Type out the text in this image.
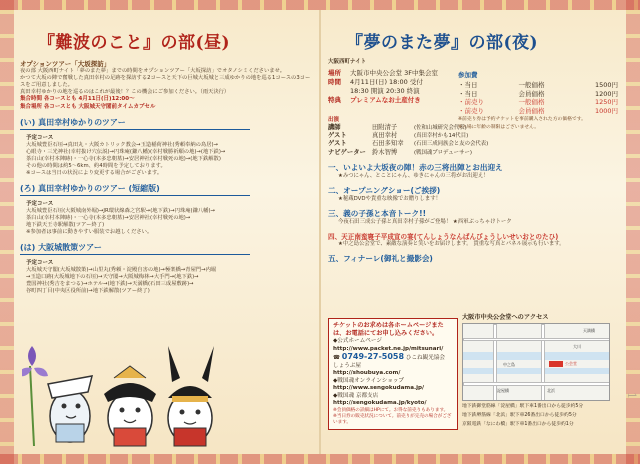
『難波のこと』の部(昼)
オプションツアー「大坂探訪」
夜の部 大阪西町ナイト「夢のまた夢」までの時間をオプションツアー「大坂探訪」でオタノシミくださいませ。
かつて大坂の陣で奮戦した真田幸村の足跡を探訪する2コースと天下の巨城大坂城と三成ゆかりの地を巡る1コースの3コースをご用意しました。
真田幸村ゆかりの地を巡るのはこれが最後！？この機会にご参加ください。（雨天決行）
集合時間 各コースとも 4月11日(日)12:00〜
集合場所 各コースとも 大阪城天守閣前タイムカプセル
(い) 真田幸村ゆかりのツアー
予定コース
大坂城豊臣石垣→真田丸・大阪カトリック教会→玉造稲荷神社(秀頼奉納の鳥居)→
心眼寺・三光神社(幸村抜け穴伝説)→円珠庵(鎌八幡)(幸村戦勝祈願の地)→(地下鉄)→
茶臼山(幸村本陣跡)・一心寺(本多忠朝墓)→安居神社(幸村戦死の地)→(地下鉄解散)
その他の時間は約5〜6km、約4時間を予定しております。
※コースは当日の状況により変更する場合がございます。
(ろ) 真田幸村ゆかりのツアー (短縮版)
予定コース
大坂城豊臣石垣(大阪城南外堀)→JR環状線森之宮駅→(地下鉄)→円珠庵(鎌八幡)→
茶臼山(幸村本陣跡)・一心寺(本多忠朝墓)→安居神社(幸村戦死の地)→
地下鉄天王寺駅解散(ツアー終了)
※参加者は事前に動きやすい服装でお越しください。
(は) 大阪城散策ツアー
予定コース
大坂城天守閣(大坂城散策)→山里丸(秀頼・淀殿自害の地)→極楽橋→青屋門→内堀
→玉造口跡(大坂城地下の石垣)→天守閣→大阪城梅林→大手門→(地下鉄)→
豊国神社(秀吉をまつる)→ホテル→(地下鉄)→天満橋(石田三成屋敷跡)→
谷町四丁目(中央区役所前)→地下鉄解散(ツアー終了)
『夢のまた夢』の部(夜)
大阪西町ナイト
場所	大阪市中央公会堂 3F中集会室
時間	4月11日(日) 18:00 受付
18:30 開演 20:30 終演
特典	プレミアムなお土産付き
参加費
・当日	一般価格	1500円
・当日	会員価格	1200円
・前売り	一般価格	1250円
・前売り	会員価格	1000円
※前売り券は予約チケットを事前購入された方の価格です。
※入場に年齢の制限はございません。
出演
講師	田附清子	(佐和山城研究会代表)
ゲスト	真田幸村	(真田幸村かも14代目)
ゲスト	石田多知幸	(石田三成同族会と友の会代表)
ナビゲーター 鈴木智博	(戦国魂プロデューサー)
一、いよいよ大坂夜の陣！赤の三将出陣とお出迎え
★みつにゃん、とことにゃん、ゆきにゃんの三将がお出迎え！
二、オープニングショー(ご挨拶)
★秘蔵DVDや貴重な映像でお贈りします！
三、義の子孫と本音トーク!!
今夜石田三成公子孫と真田幸村子孫がご登場！ ★西軍ぶっちゃけトーク
四、天正南蛮寝子平成宣の宴(てんしょうなんばんびょうしいせいおとのたひ)
★中之島公会堂で、素敵な演奏と笑いをお届けします。 貴重な写真とパネル展示も行います。
五、フィナーレ(御礼と撮影会)
チケットのお求めは各ホームページまたは、お電話にてお申し込みください。
◆公式ホームページ
http://www.packet.ne.jp/mitsunari/
☎ 0749-27-5058 ひこね観光協会
しょうぶ屋
http://shoubuya.com/
◆戦国魂オンラインショップ
http://www.sengokudama.jp/
◆戦国魂 京都支店
http://sengokudama.jp/kyoto/
※会員価格の詳細はHPにて。お得な前売りもあります。
※当日券の販売状況について。前売りが完売の場合がございます。
大阪市中央公会堂へのアクセス
中之島
大川
淀屋橋	北浜
天満橋
公会堂
地下鉄御堂筋線「淀屋橋」駅下車1番出口から徒歩約5分
地下鉄堺筋線「北浜」駅下車26番出口から徒歩約5分
京阪電鉄「なにわ橋」駅下車1番出口から徒歩約1分
1
